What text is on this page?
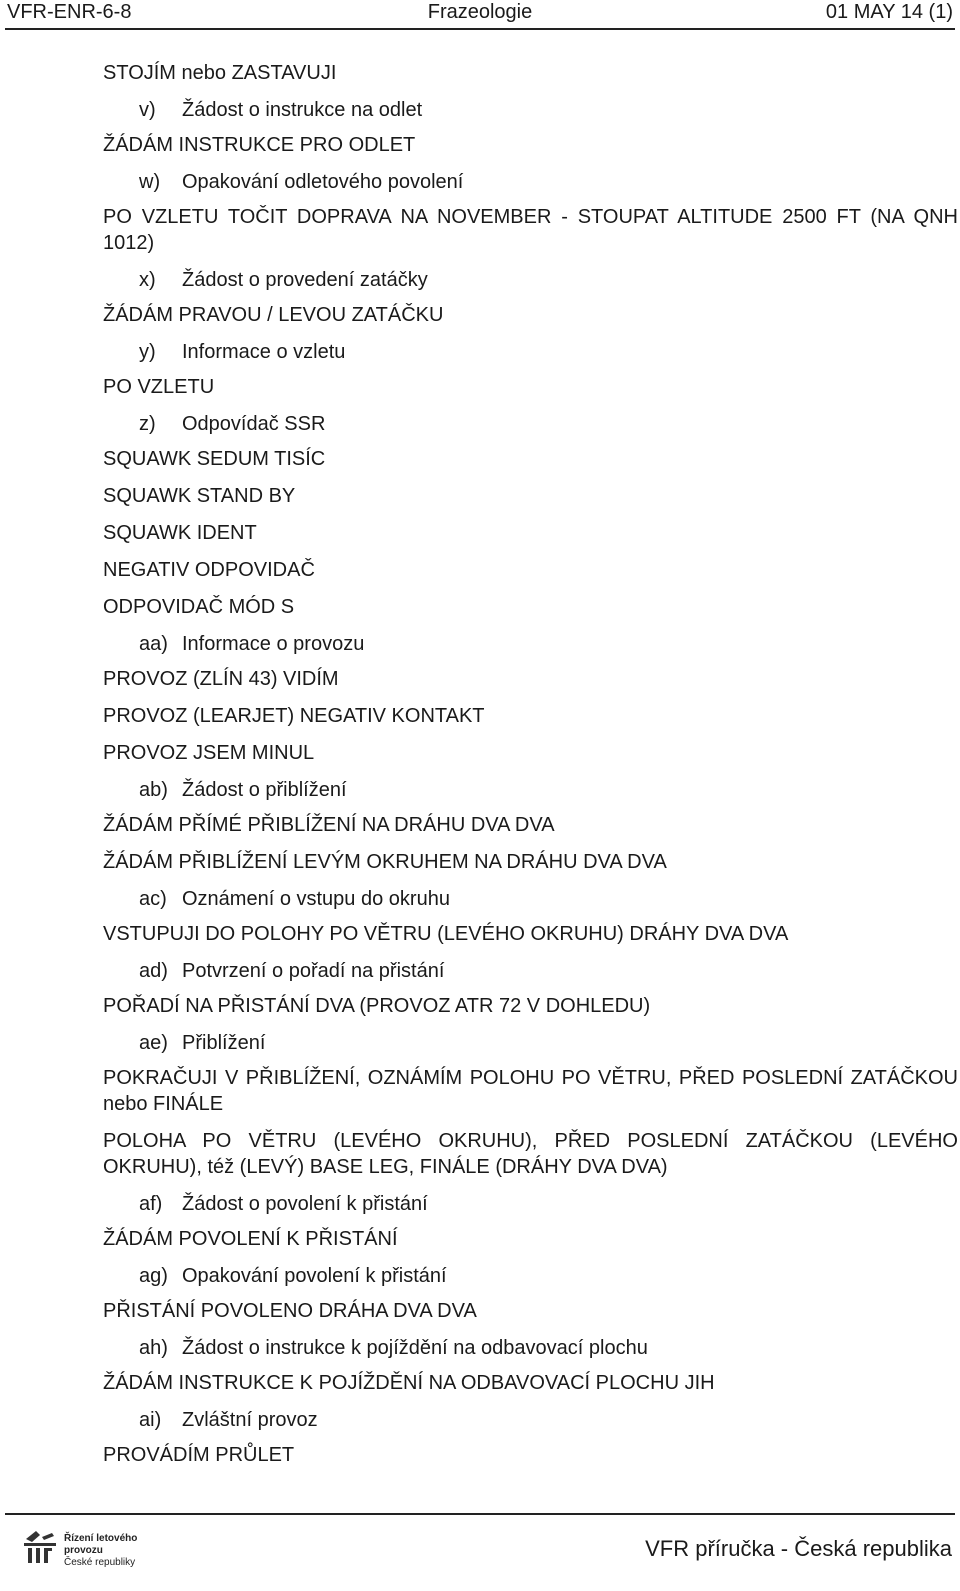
VFR-ENR-6-8	Frazeologie	01 MAY 14 (1)

STOJÍM nebo ZASTAVUJI

v) Žádost o instrukce na odlet

ŽÁDÁM INSTRUKCE PRO ODLET

w) Opakování odletového povolení

PO VZLETU TOČIT DOPRAVA NA NOVEMBER - STOUPAT ALTITUDE 2500 FT (NA QNH 1012)

x) Žádost o provedení zatáčky

ŽÁDÁM PRAVOU / LEVOU ZATÁČKU

y) Informace o vzletu

PO VZLETU

z) Odpovídač SSR

SQUAWK SEDUM TISÍC

SQUAWK STAND BY

SQUAWK IDENT

NEGATIV ODPOVIDAČ

ODPOVIDAČ MÓD S

aa) Informace o provozu

PROVOZ (ZLÍN 43) VIDÍM

PROVOZ (LEARJET) NEGATIV KONTAKT

PROVOZ JSEM MINUL

ab) Žádost o přiblížení

ŽÁDÁM PŘÍMÉ PŘIBLÍŽENÍ NA DRÁHU DVA DVA

ŽÁDÁM PŘIBLÍŽENÍ LEVÝM OKRUHEM NA DRÁHU DVA DVA

ac) Oznámení o vstupu do okruhu

VSTUPUJI DO POLOHY PO VĚTRU (LEVÉHO OKRUHU) DRÁHY DVA DVA

ad) Potvrzení o pořadí na přistání

POŘADÍ NA PŘISTÁNÍ DVA (PROVOZ ATR 72 V DOHLEDU)

ae) Přiblížení

POKRAČUJI V PŘIBLÍŽENÍ, OZNÁMÍM POLOHU PO VĚTRU, PŘED POSLEDNÍ ZATÁČKOU nebo FINÁLE

POLOHA PO VĚTRU (LEVÉHO OKRUHU), PŘED POSLEDNÍ ZATÁČKOU (LEVÉHO OKRUHU), též (LEVÝ) BASE LEG, FINÁLE (DRÁHY DVA DVA)

af) Žádost o povolení k přistání

ŽÁDÁM POVOLENÍ K PŘISTÁNÍ

ag) Opakování povolení k přistání

PŘISTÁNÍ POVOLENO DRÁHA DVA DVA

ah) Žádost o instrukce k pojíždění na odbavovací plochu

ŽÁDÁM INSTRUKCE K POJÍŽDĚNÍ NA ODBAVOVACÍ PLOCHU JIH

ai) Zvláštní provoz

PROVÁDÍM PRŮLET

Řízení letového provozu
České republiky
VFR příručka - Česká republika
